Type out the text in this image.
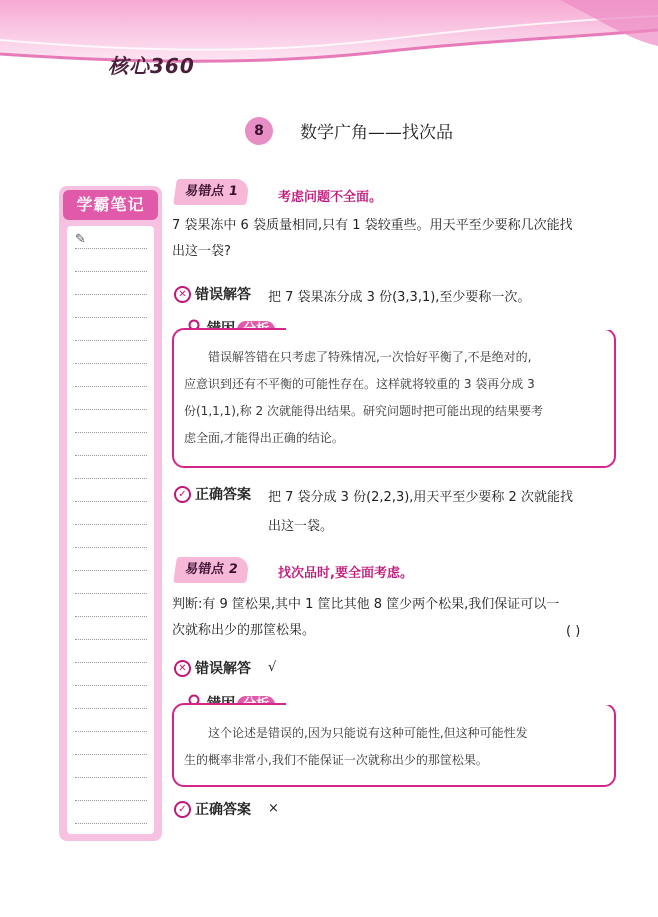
核心360
8	数学广角——找次品
学霸笔记
✎
易错点 1	考虑问题不全面。
7 袋果冻中 6 袋质量相同,只有 1 袋较重些。用天平至少要称几次能找
出这一袋?
✕ 错误解答 把 7 袋果冻分成 3 份(3,3,1),至少要称一次。

错误解答错在只考虑了特殊情况,一次恰好平衡了,不是绝对的,
应意识到还有不平衡的可能性存在。这样就将较重的 3 袋再分成 3
份(1,1,1),称 2 次就能得出结果。研究问题时把可能出现的结果要考
虑全面,才能得出正确的结论。
✓ 正确答案 把 7 袋分成 3 份(2,2,3),用天平至少要称 2 次就能找
出这一袋。
易错点 2	找次品时,要全面考虑。
判断:有 9 筐松果,其中 1 筐比其他 8 筐少两个松果,我们保证可以一
次就称出少的那筐松果。	( )
✕ 错误解答 √

这个论述是错误的,因为只能说有这种可能性,但这种可能性发
生的概率非常小,我们不能保证一次就称出少的那筐松果。
✓ 正确答案 ×
